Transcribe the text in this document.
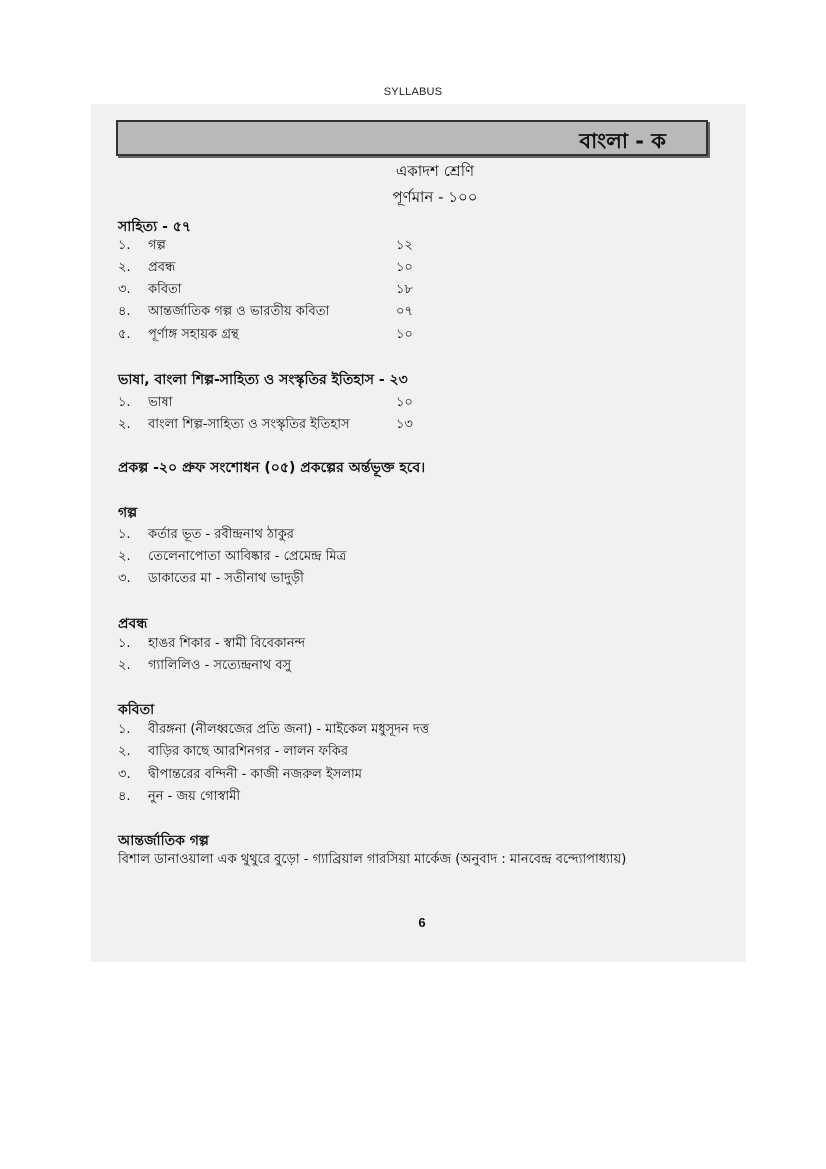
SYLLABUS
বাংলা - ক
একাদশ শ্রেণি
পূর্ণমান - ১০০
সাহিত্য - ৫৭
১.	গল্প	১২
২.	প্রবন্ধ	১০
৩.	কবিতা	১৮
৪.	আন্তর্জাতিক গল্প ও ভারতীয় কবিতা	০৭
৫.	পূর্ণাঙ্গ সহায়ক গ্রন্থ	১০
ভাষা, বাংলা শিল্প-সাহিত্য ও সংস্কৃতির ইতিহাস - ২৩
১.	ভাষা	১০
২.	বাংলা শিল্প-সাহিত্য ও সংস্কৃতির ইতিহাস	১৩
প্রকল্প -২০ প্রুফ সংশোধন (০৫) প্রকল্পের অর্ন্তভূক্ত হবে।
গল্প
১.	কর্তার ভূত - রবীন্দ্রনাথ ঠাকুর
২.	তেলেনাপোতা আবিষ্কার - প্রেমেন্দ্র মিত্র
৩.	ডাকাতের মা - সতীনাথ ভাদুড়ী
প্রবন্ধ
১.	হাঙর শিকার - স্বামী বিবেকানন্দ
২.	গ্যালিলিও - সত্যেন্দ্রনাথ বসু
কবিতা
১.	বীরঙ্গনা (নীলধ্বজের প্রতি জনা) - মাইকেল মধুসূদন দত্ত
২.	বাড়ির কাছে আরশিনগর - লালন ফকির
৩.	দ্বীপান্তরের বন্দিনী - কাজী নজরুল ইসলাম
৪.	নুন - জয় গোস্বামী
আন্তর্জাতিক গল্প
বিশাল ডানাওয়ালা এক থুথুরে বুড়ো - গ্যাব্রিয়াল গারসিয়া মার্কেজ (অনুবাদ : মানবেন্দ্র বন্দ্যোপাধ্যায়)
6
